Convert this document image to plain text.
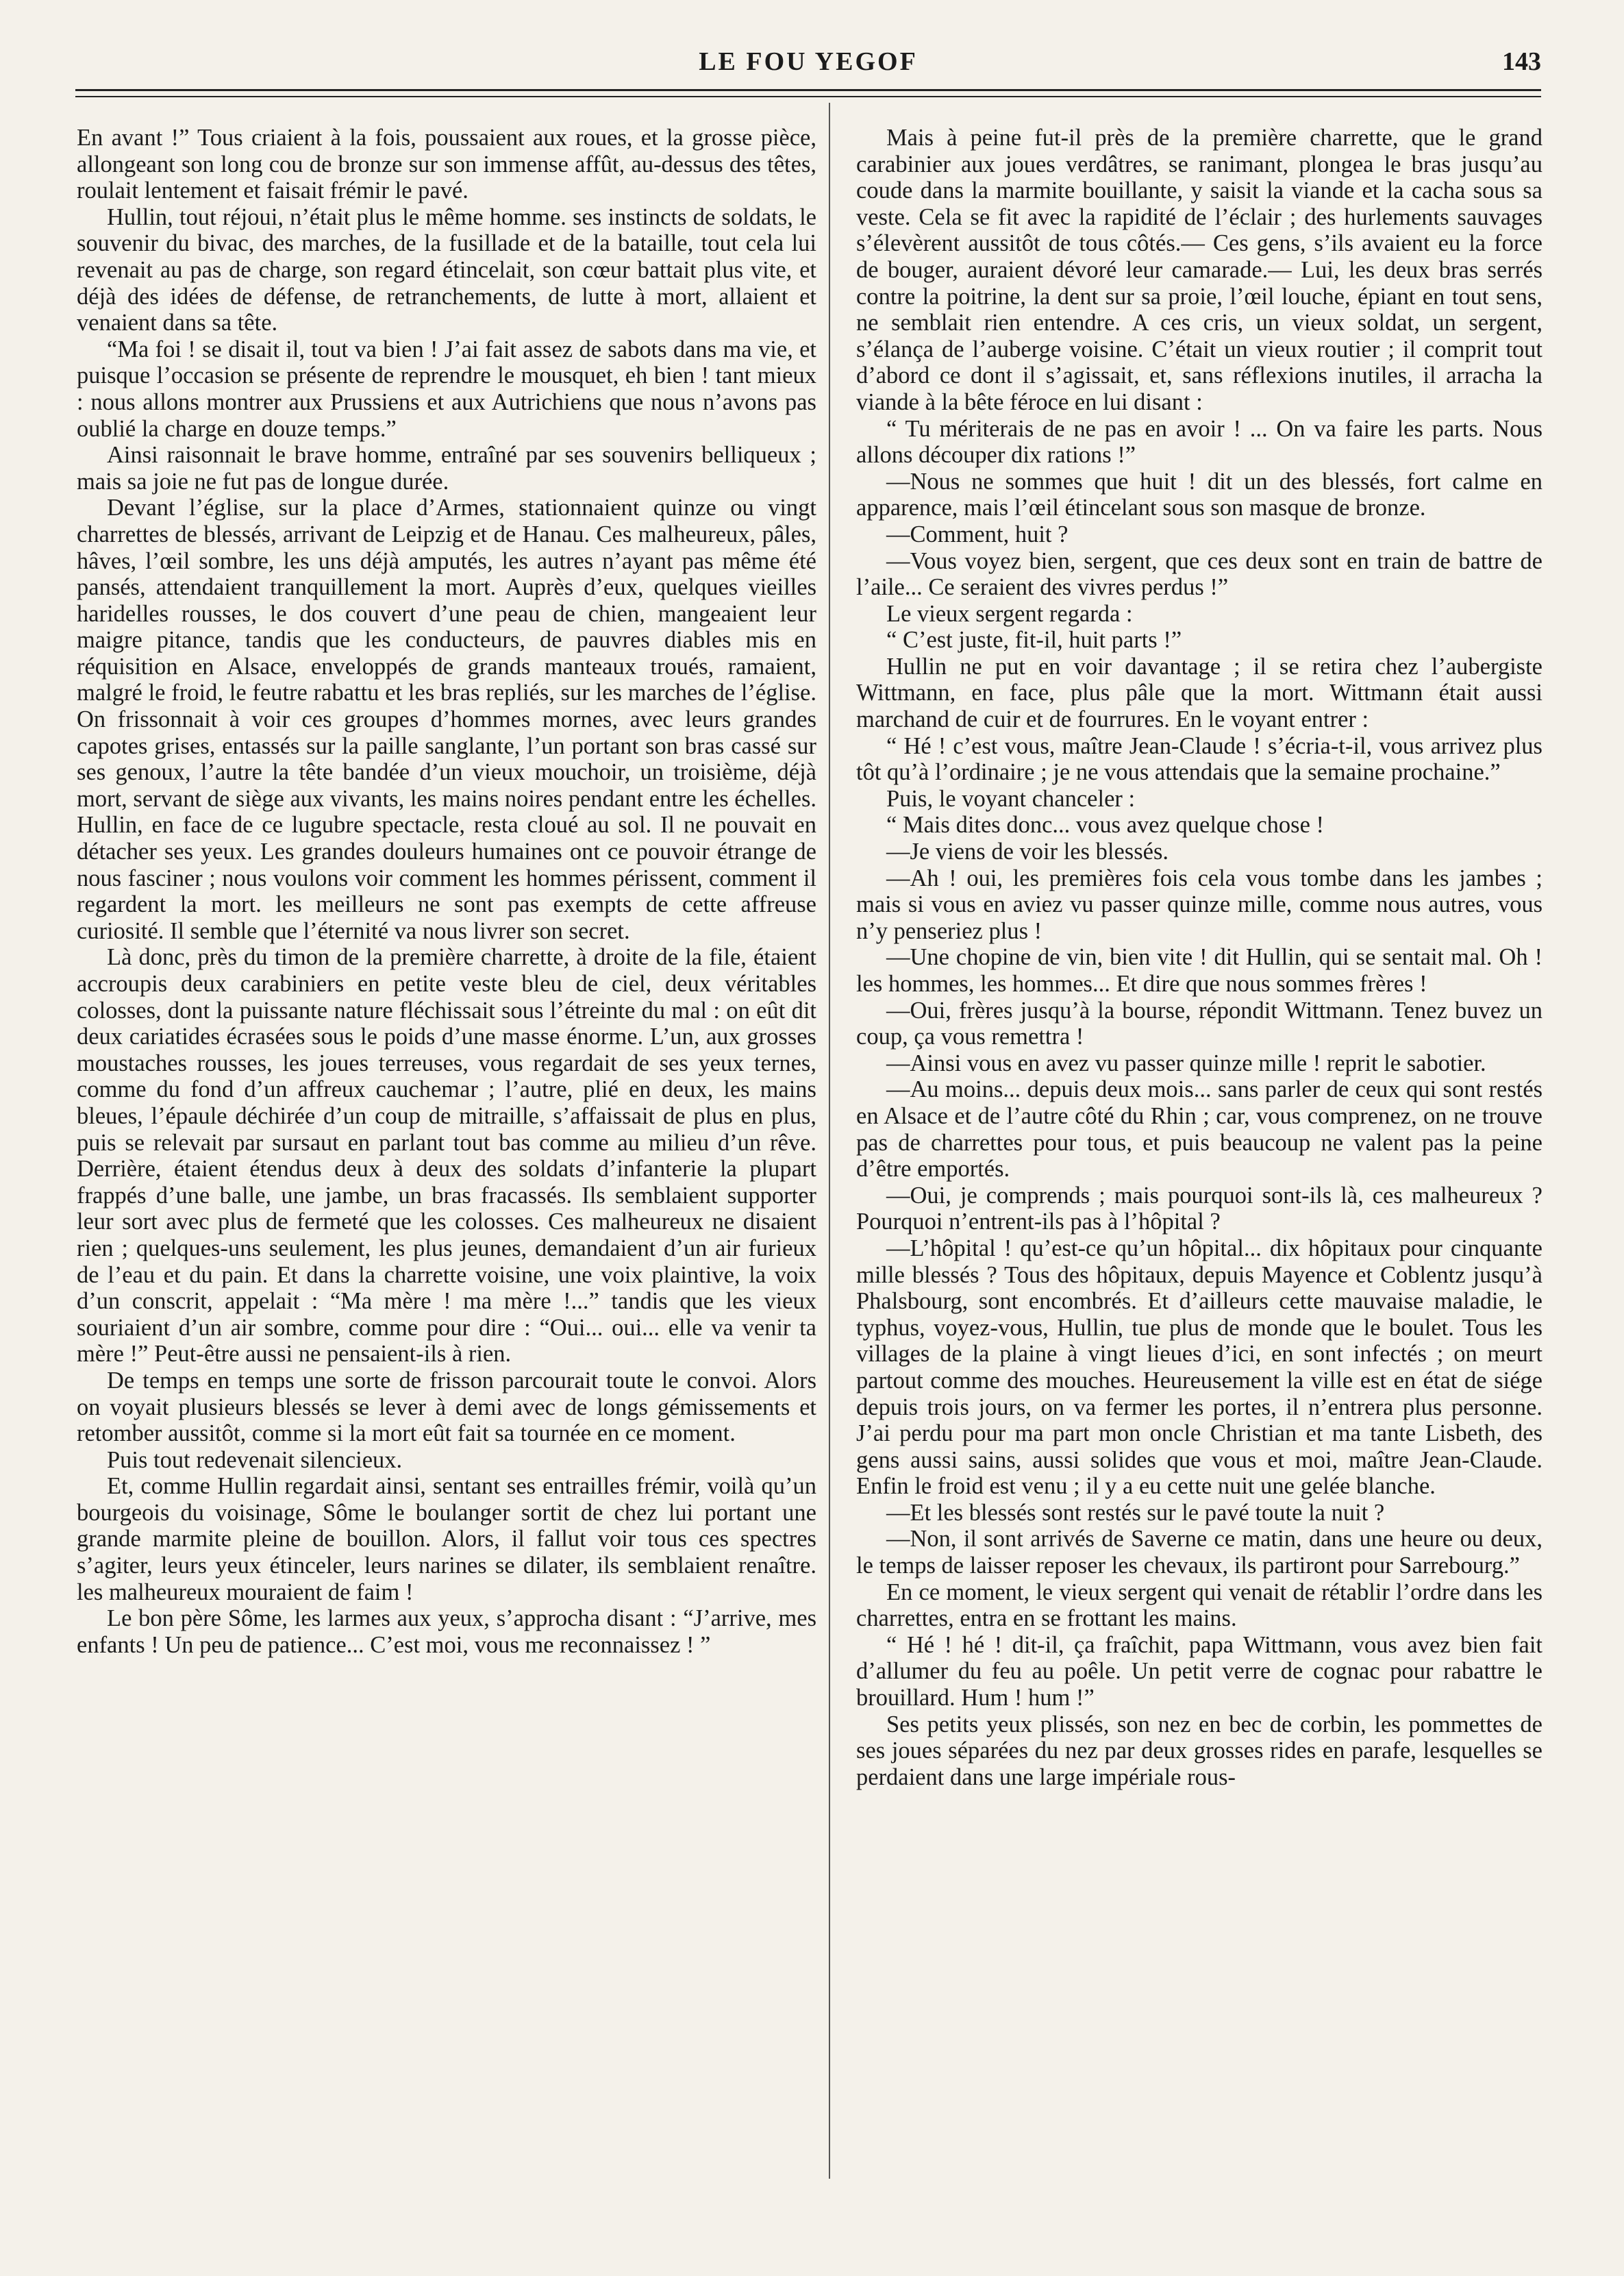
LE FOU YEGOF	143

En avant !” Tous criaient à la fois, poussaient aux roues, et la grosse pièce, allongeant son long cou de bronze sur son immense affût, au-dessus des têtes, roulait lentement et faisait frémir le pavé.

Hullin, tout réjoui, n’était plus le même homme. ses instincts de soldats, le souvenir du bivac, des marches, de la fusillade et de la bataille, tout cela lui revenait au pas de charge, son regard étincelait, son cœur battait plus vite, et déjà des idées de défense, de retranchements, de lutte à mort, allaient et venaient dans sa tête.

“Ma foi ! se disait il, tout va bien ! J’ai fait assez de sabots dans ma vie, et puisque l’occasion se présente de reprendre le mousquet, eh bien ! tant mieux : nous allons montrer aux Prussiens et aux Autrichiens que nous n’avons pas oublié la charge en douze temps.”

Ainsi raisonnait le brave homme, entraîné par ses souvenirs belliqueux ; mais sa joie ne fut pas de longue durée.

Devant l’église, sur la place d’Armes, stationnaient quinze ou vingt charrettes de blessés, arrivant de Leipzig et de Hanau. Ces malheureux, pâles, hâves, l’œil sombre, les uns déjà amputés, les autres n’ayant pas même été pansés, attendaient tranquillement la mort. Auprès d’eux, quelques vieilles haridelles rousses, le dos couvert d’une peau de chien, mangeaient leur maigre pitance, tandis que les conducteurs, de pauvres diables mis en réquisition en Alsace, enveloppés de grands manteaux troués, ramaient, malgré le froid, le feutre rabattu et les bras repliés, sur les marches de l’église. On frissonnait à voir ces groupes d’hommes mornes, avec leurs grandes capotes grises, entassés sur la paille sanglante, l’un portant son bras cassé sur ses genoux, l’autre la tête bandée d’un vieux mouchoir, un troisième, déjà mort, servant de siège aux vivants, les mains noires pendant entre les échelles. Hullin, en face de ce lugubre spectacle, resta cloué au sol. Il ne pouvait en détacher ses yeux. Les grandes douleurs humaines ont ce pouvoir étrange de nous fasciner ; nous voulons voir comment les hommes périssent, comment il regardent la mort. les meilleurs ne sont pas exempts de cette affreuse curiosité. Il semble que l’éternité va nous livrer son secret.

Là donc, près du timon de la première charrette, à droite de la file, étaient accroupis deux carabiniers en petite veste bleu de ciel, deux véritables colosses, dont la puissante nature fléchissait sous l’étreinte du mal : on eût dit deux cariatides écrasées sous le poids d’une masse énorme. L’un, aux grosses moustaches rousses, les joues terreuses, vous regardait de ses yeux ternes, comme du fond d’un affreux cauchemar ; l’autre, plié en deux, les mains bleues, l’épaule déchirée d’un coup de mitraille, s’affaissait de plus en plus, puis se relevait par sursaut en parlant tout bas comme au milieu d’un rêve. Derrière, étaient étendus deux à deux des soldats d’infanterie la plupart frappés d’une balle, une jambe, un bras fracassés. Ils semblaient supporter leur sort avec plus de fermeté que les colosses. Ces malheureux ne disaient rien ; quelques-uns seulement, les plus jeunes, demandaient d’un air furieux de l’eau et du pain. Et dans la charrette voisine, une voix plaintive, la voix d’un conscrit, appelait : “Ma mère ! ma mère !...” tandis que les vieux souriaient d’un air sombre, comme pour dire : “Oui... oui... elle va venir ta mère !” Peut-être aussi ne pensaient-ils à rien.

De temps en temps une sorte de frisson parcourait toute le convoi. Alors on voyait plusieurs blessés se lever à demi avec de longs gémissements et retomber aussitôt, comme si la mort eût fait sa tournée en ce moment.

Puis tout redevenait silencieux.

Et, comme Hullin regardait ainsi, sentant ses entrailles frémir, voilà qu’un bourgeois du voisinage, Sôme le boulanger sortit de chez lui portant une grande marmite pleine de bouillon. Alors, il fallut voir tous ces spectres s’agiter, leurs yeux étinceler, leurs narines se dilater, ils semblaient renaître. les malheureux mouraient de faim !

Le bon père Sôme, les larmes aux yeux, s’approcha disant : “J’arrive, mes enfants ! Un peu de patience... C’est moi, vous me reconnaissez ! ”

Mais à peine fut-il près de la première charrette, que le grand carabinier aux joues verdâtres, se ranimant, plongea le bras jusqu’au coude dans la marmite bouillante, y saisit la viande et la cacha sous sa veste. Cela se fit avec la rapidité de l’éclair ; des hurlements sauvages s’élevèrent aussitôt de tous côtés.— Ces gens, s’ils avaient eu la force de bouger, auraient dévoré leur camarade.— Lui, les deux bras serrés contre la poitrine, la dent sur sa proie, l’œil louche, épiant en tout sens, ne semblait rien entendre. A ces cris, un vieux soldat, un sergent, s’élança de l’auberge voisine. C’était un vieux routier ; il comprit tout d’abord ce dont il s’agissait, et, sans réflexions inutiles, il arracha la viande à la bête féroce en lui disant :

“ Tu mériterais de ne pas en avoir ! ... On va faire les parts. Nous allons découper dix rations !”

—Nous ne sommes que huit ! dit un des blessés, fort calme en apparence, mais l’œil étincelant sous son masque de bronze.

—Comment, huit ?

—Vous voyez bien, sergent, que ces deux sont en train de battre de l’aile... Ce seraient des vivres perdus !”

Le vieux sergent regarda :

“ C’est juste, fit-il, huit parts !”

Hullin ne put en voir davantage ; il se retira chez l’aubergiste Wittmann, en face, plus pâle que la mort. Wittmann était aussi marchand de cuir et de fourrures. En le voyant entrer :

“ Hé ! c’est vous, maître Jean-Claude ! s’écria-t-il, vous arrivez plus tôt qu’à l’ordinaire ; je ne vous attendais que la semaine prochaine.”

Puis, le voyant chanceler :

“ Mais dites donc... vous avez quelque chose !

—Je viens de voir les blessés.

—Ah ! oui, les premières fois cela vous tombe dans les jambes ; mais si vous en aviez vu passer quinze mille, comme nous autres, vous n’y penseriez plus !

—Une chopine de vin, bien vite ! dit Hullin, qui se sentait mal. Oh ! les hommes, les hommes... Et dire que nous sommes frères !

—Oui, frères jusqu’à la bourse, répondit Wittmann. Tenez buvez un coup, ça vous remettra !

—Ainsi vous en avez vu passer quinze mille ! reprit le sabotier.

—Au moins... depuis deux mois... sans parler de ceux qui sont restés en Alsace et de l’autre côté du Rhin ; car, vous comprenez, on ne trouve pas de charrettes pour tous, et puis beaucoup ne valent pas la peine d’être emportés.

—Oui, je comprends ; mais pourquoi sont-ils là, ces malheureux ? Pourquoi n’entrent-ils pas à l’hôpital ?

—L’hôpital ! qu’est-ce qu’un hôpital... dix hôpitaux pour cinquante mille blessés ? Tous des hôpitaux, depuis Mayence et Coblentz jusqu’à Phalsbourg, sont encombrés. Et d’ailleurs cette mauvaise maladie, le typhus, voyez-vous, Hullin, tue plus de monde que le boulet. Tous les villages de la plaine à vingt lieues d’ici, en sont infectés ; on meurt partout comme des mouches. Heureusement la ville est en état de siége depuis trois jours, on va fermer les portes, il n’entrera plus personne. J’ai perdu pour ma part mon oncle Christian et ma tante Lisbeth, des gens aussi sains, aussi solides que vous et moi, maître Jean-Claude. Enfin le froid est venu ; il y a eu cette nuit une gelée blanche.

—Et les blessés sont restés sur le pavé toute la nuit ?

—Non, il sont arrivés de Saverne ce matin, dans une heure ou deux, le temps de laisser reposer les chevaux, ils partiront pour Sarrebourg.”

En ce moment, le vieux sergent qui venait de rétablir l’ordre dans les charrettes, entra en se frottant les mains.

“ Hé ! hé ! dit-il, ça fraîchit, papa Wittmann, vous avez bien fait d’allumer du feu au poêle. Un petit verre de cognac pour rabattre le brouillard. Hum ! hum !”

Ses petits yeux plissés, son nez en bec de corbin, les pommettes de ses joues séparées du nez par deux grosses rides en parafe, lesquelles se perdaient dans une large impériale rous-
